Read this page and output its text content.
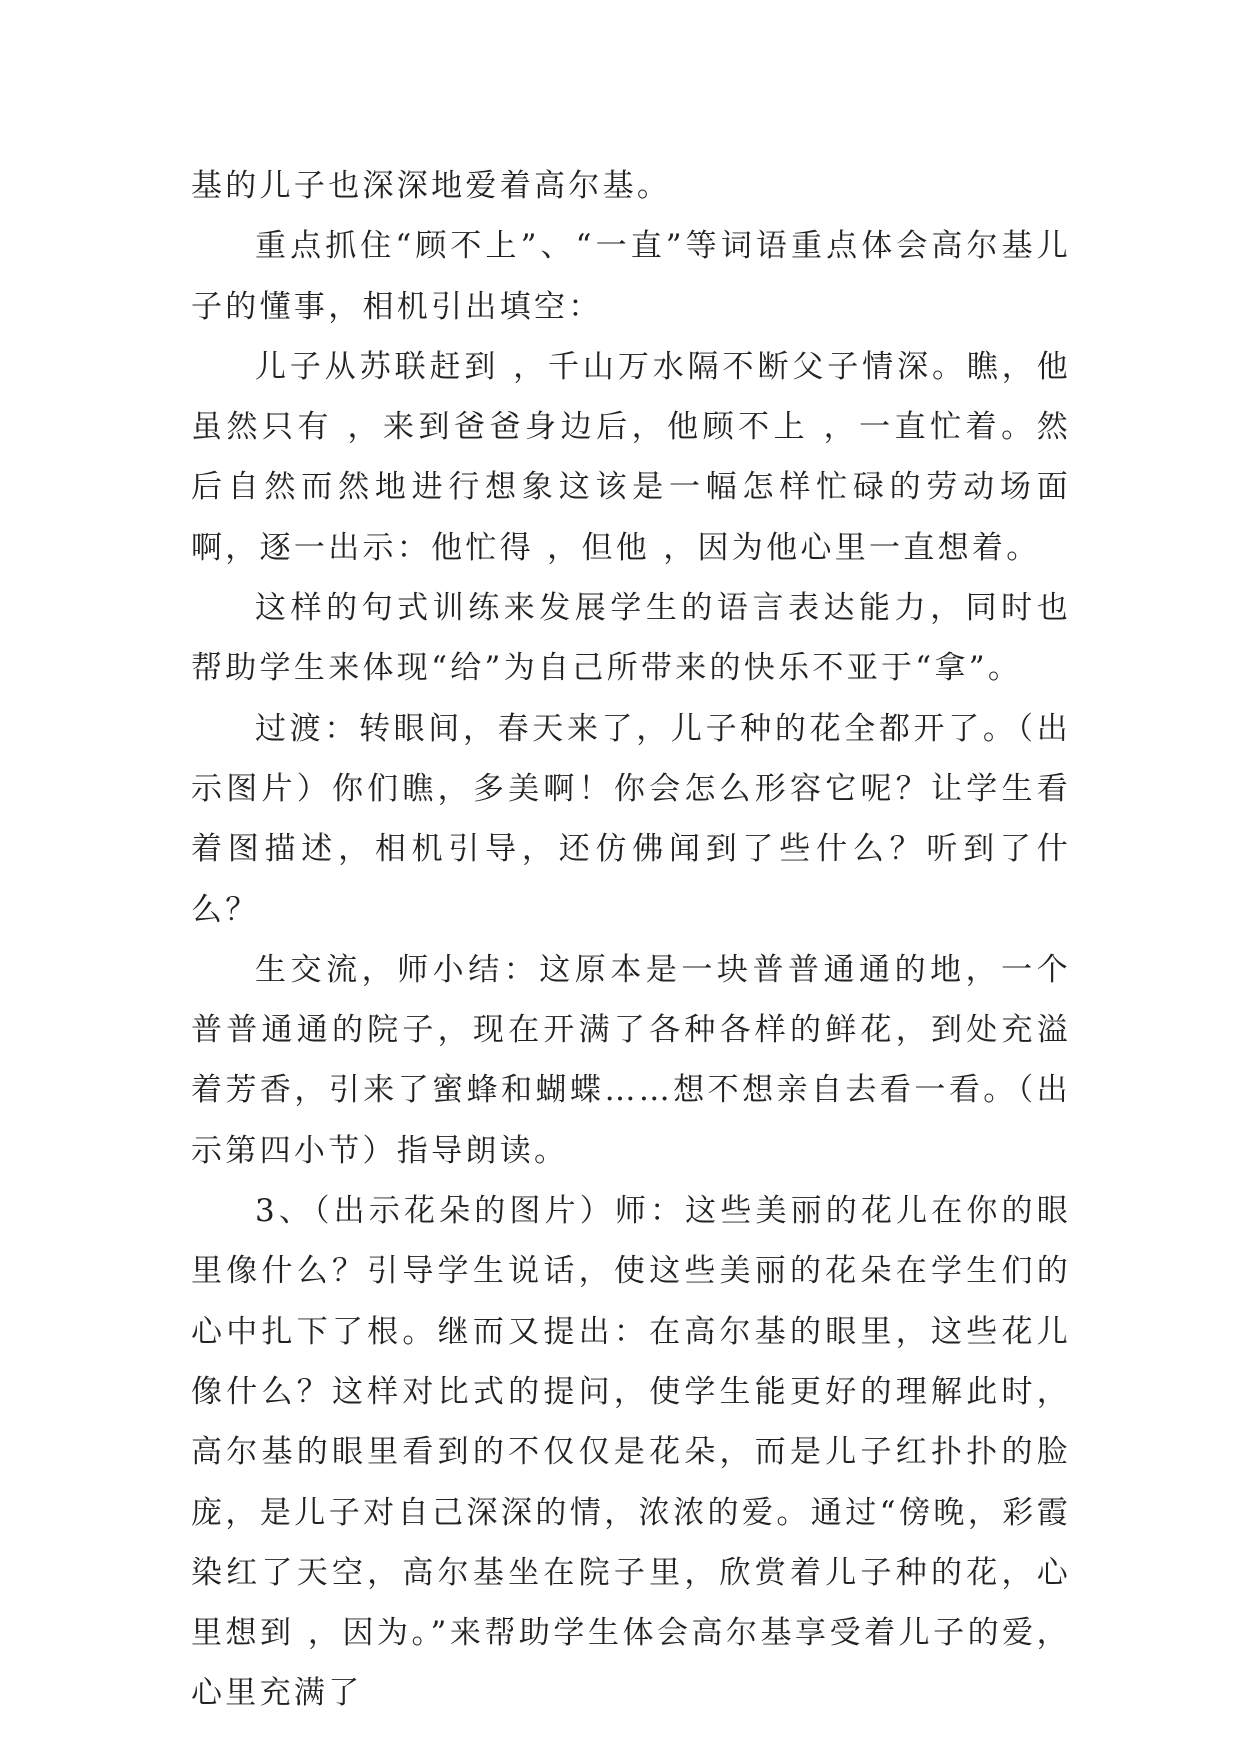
基的儿子也深深地爱着高尔基。

重点抓住“顾不上”、“一直”等词语重点体会高尔基儿子的懂事，相机引出填空：

儿子从苏联赶到 ，千山万水隔不断父子情深。瞧，他虽然只有 ，来到爸爸身边后，他顾不上 ，一直忙着。然后自然而然地进行想象这该是一幅怎样忙碌的劳动场面啊，逐一出示：他忙得 ，但他 ，因为他心里一直想着。

这样的句式训练来发展学生的语言表达能力，同时也帮助学生来体现“给”为自己所带来的快乐不亚于“拿”。

过渡：转眼间，春天来了，儿子种的花全都开了。（出示图片）你们瞧，多美啊！你会怎么形容它呢？让学生看着图描述，相机引导，还仿佛闻到了些什么？听到了什么？

生交流，师小结：这原本是一块普普通通的地，一个普普通通的院子，现在开满了各种各样的鲜花，到处充溢着芳香，引来了蜜蜂和蝴蝶……想不想亲自去看一看。（出示第四小节）指导朗读。

3、（出示花朵的图片）师：这些美丽的花儿在你的眼里像什么？引导学生说话，使这些美丽的花朵在学生们的心中扎下了根。继而又提出：在高尔基的眼里，这些花儿像什么？这样对比式的提问，使学生能更好的理解此时，高尔基的眼里看到的不仅仅是花朵，而是儿子红扑扑的脸庞，是儿子对自己深深的情，浓浓的爱。通过“傍晚，彩霞染红了天空，高尔基坐在院子里，欣赏着儿子种的花，心里想到 ，因为。”来帮助学生体会高尔基享受着儿子的爱，心里充满了
